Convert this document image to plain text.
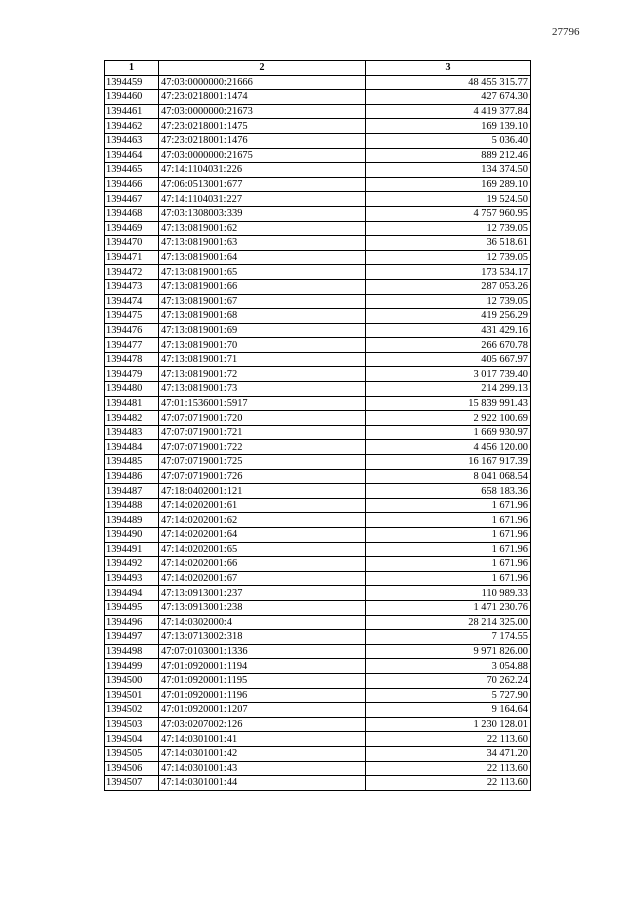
27796
1	2	3
1394459	47:03:0000000:21666	48 455 315.77
1394460	47:23:0218001:1474	427 674.30
1394461	47:03:0000000:21673	4 419 377.84
1394462	47:23:0218001:1475	169 139.10
1394463	47:23:0218001:1476	5 036.40
1394464	47:03:0000000:21675	889 212.46
1394465	47:14:1104031:226	134 374.50
1394466	47:06:0513001:677	169 289.10
1394467	47:14:1104031:227	19 524.50
1394468	47:03:1308003:339	4 757 960.95
1394469	47:13:0819001:62	12 739.05
1394470	47:13:0819001:63	36 518.61
1394471	47:13:0819001:64	12 739.05
1394472	47:13:0819001:65	173 534.17
1394473	47:13:0819001:66	287 053.26
1394474	47:13:0819001:67	12 739.05
1394475	47:13:0819001:68	419 256.29
1394476	47:13:0819001:69	431 429.16
1394477	47:13:0819001:70	266 670.78
1394478	47:13:0819001:71	405 667.97
1394479	47:13:0819001:72	3 017 739.40
1394480	47:13:0819001:73	214 299.13
1394481	47:01:1536001:5917	15 839 991.43
1394482	47:07:0719001:720	2 922 100.69
1394483	47:07:0719001:721	1 669 930.97
1394484	47:07:0719001:722	4 456 120.00
1394485	47:07:0719001:725	16 167 917.39
1394486	47:07:0719001:726	8 041 068.54
1394487	47:18:0402001:121	658 183.36
1394488	47:14:0202001:61	1 671.96
1394489	47:14:0202001:62	1 671.96
1394490	47:14:0202001:64	1 671.96
1394491	47:14:0202001:65	1 671.96
1394492	47:14:0202001:66	1 671.96
1394493	47:14:0202001:67	1 671.96
1394494	47:13:0913001:237	110 989.33
1394495	47:13:0913001:238	1 471 230.76
1394496	47:14:0302000:4	28 214 325.00
1394497	47:13:0713002:318	7 174.55
1394498	47:07:0103001:1336	9 971 826.00
1394499	47:01:0920001:1194	3 054.88
1394500	47:01:0920001:1195	70 262.24
1394501	47:01:0920001:1196	5 727.90
1394502	47:01:0920001:1207	9 164.64
1394503	47:03:0207002:126	1 230 128.01
1394504	47:14:0301001:41	22 113.60
1394505	47:14:0301001:42	34 471.20
1394506	47:14:0301001:43	22 113.60
1394507	47:14:0301001:44	22 113.60
